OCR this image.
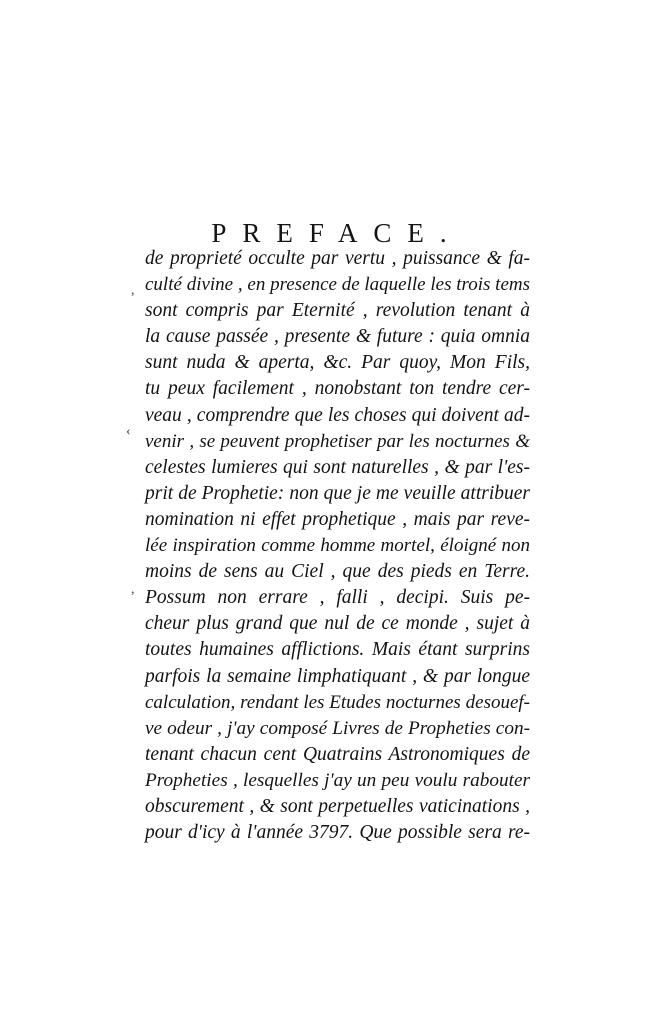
PREFACE.
,
‹
,
de proprieté occulte par vertu , puissance & fa-
culté divine , en presence de laquelle les trois tems
sont compris par Eternité , revolution tenant à
la cause passée , presente & future : quia omnia
sunt nuda & aperta, &c. Par quoy, Mon Fils,
tu peux facilement , nonobstant ton tendre cer-
veau , comprendre que les choses qui doivent ad-
venir , se peuvent prophetiser par les nocturnes &
celestes lumieres qui sont naturelles , & par l'es-
prit de Prophetie: non que je me veuille attribuer
nomination ni effet prophetique , mais par reve-
lée inspiration comme homme mortel, éloigné non
moins de sens au Ciel , que des pieds en Terre.
Possum non errare , falli , decipi. Suis pe-
cheur plus grand que nul de ce monde , sujet à
toutes humaines afflictions. Mais étant surprins
parfois la semaine limphatiquant , & par longue
calculation, rendant les Etudes nocturnes desouef-
ve odeur , j'ay composé Livres de Propheties con-
tenant chacun cent Quatrains Astronomiques de
Propheties , lesquelles j'ay un peu voulu rabouter
obscurement , & sont perpetuelles vaticinations ,
pour d'icy à l'année 3797. Que possible sera re-
